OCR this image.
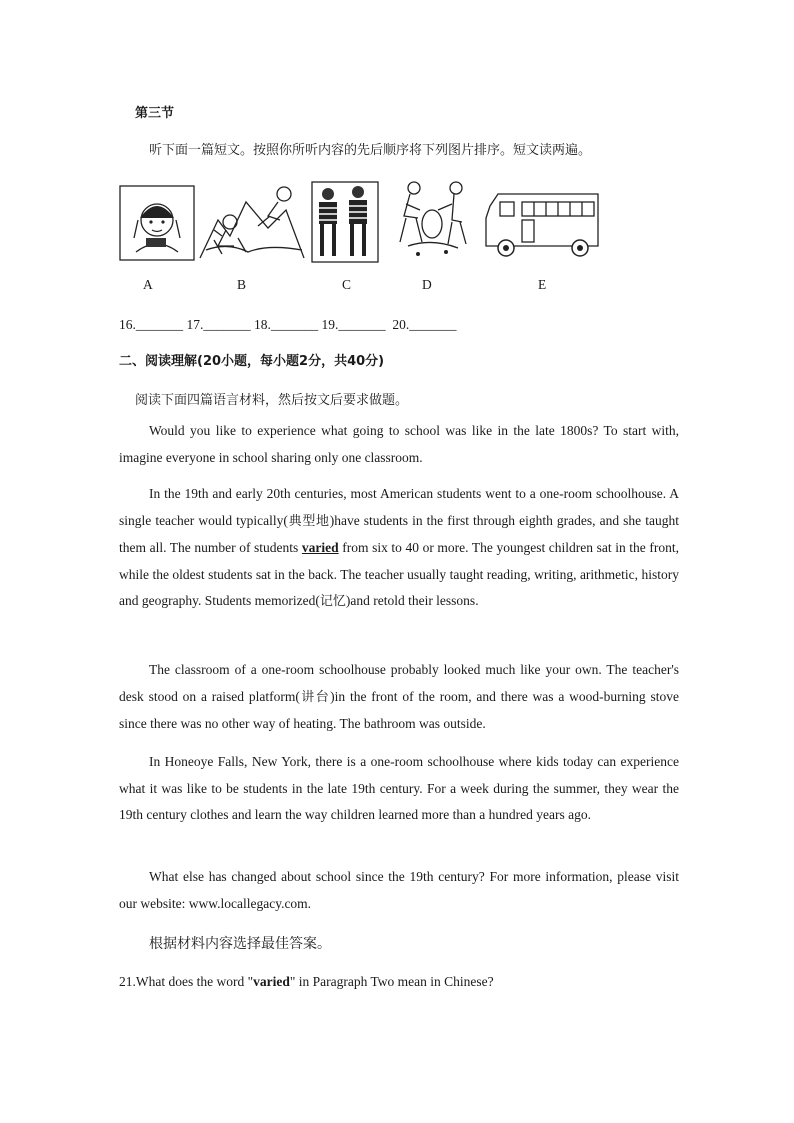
第三节
听下面一篇短文。按照你所听内容的先后顺序将下列图片排序。短文读两遍。
A	B	C	D	E
16._______ 17._______ 18._______ 19._______  20._______
二、阅读理解(20小题，每小题2分，共40分)
阅读下面四篇语言材料，然后按文后要求做题。
Would you like to experience what going to school was like in the late 1800s? To start with, imagine everyone in school sharing only one classroom.
In the 19th and early 20th centuries, most American students went to a one-room schoolhouse. A single teacher would typically(典型地)have students in the first through eighth grades, and she taught them all. The number of students varied from six to 40 or more. The youngest children sat in the front, while the oldest students sat in the back. The teacher usually taught reading, writing, arithmetic, history and geography. Students memorized(记忆)and retold their lessons.
The classroom of a one-room schoolhouse probably looked much like your own. The teacher's desk stood on a raised platform(讲台)in the front of the room, and there was a wood-burning stove since there was no other way of heating. The bathroom was outside.
In Honeoye Falls, New York, there is a one-room schoolhouse where kids today can experience what it was like to be students in the late 19th century. For a week during the summer, they wear the 19th century clothes and learn the way children learned more than a hundred years ago.
What else has changed about school since the 19th century? For more information, please visit our website: www.locallegacy.com.
根据材料内容选择最佳答案。
21.What does the word "varied" in Paragraph Two mean in Chinese?
